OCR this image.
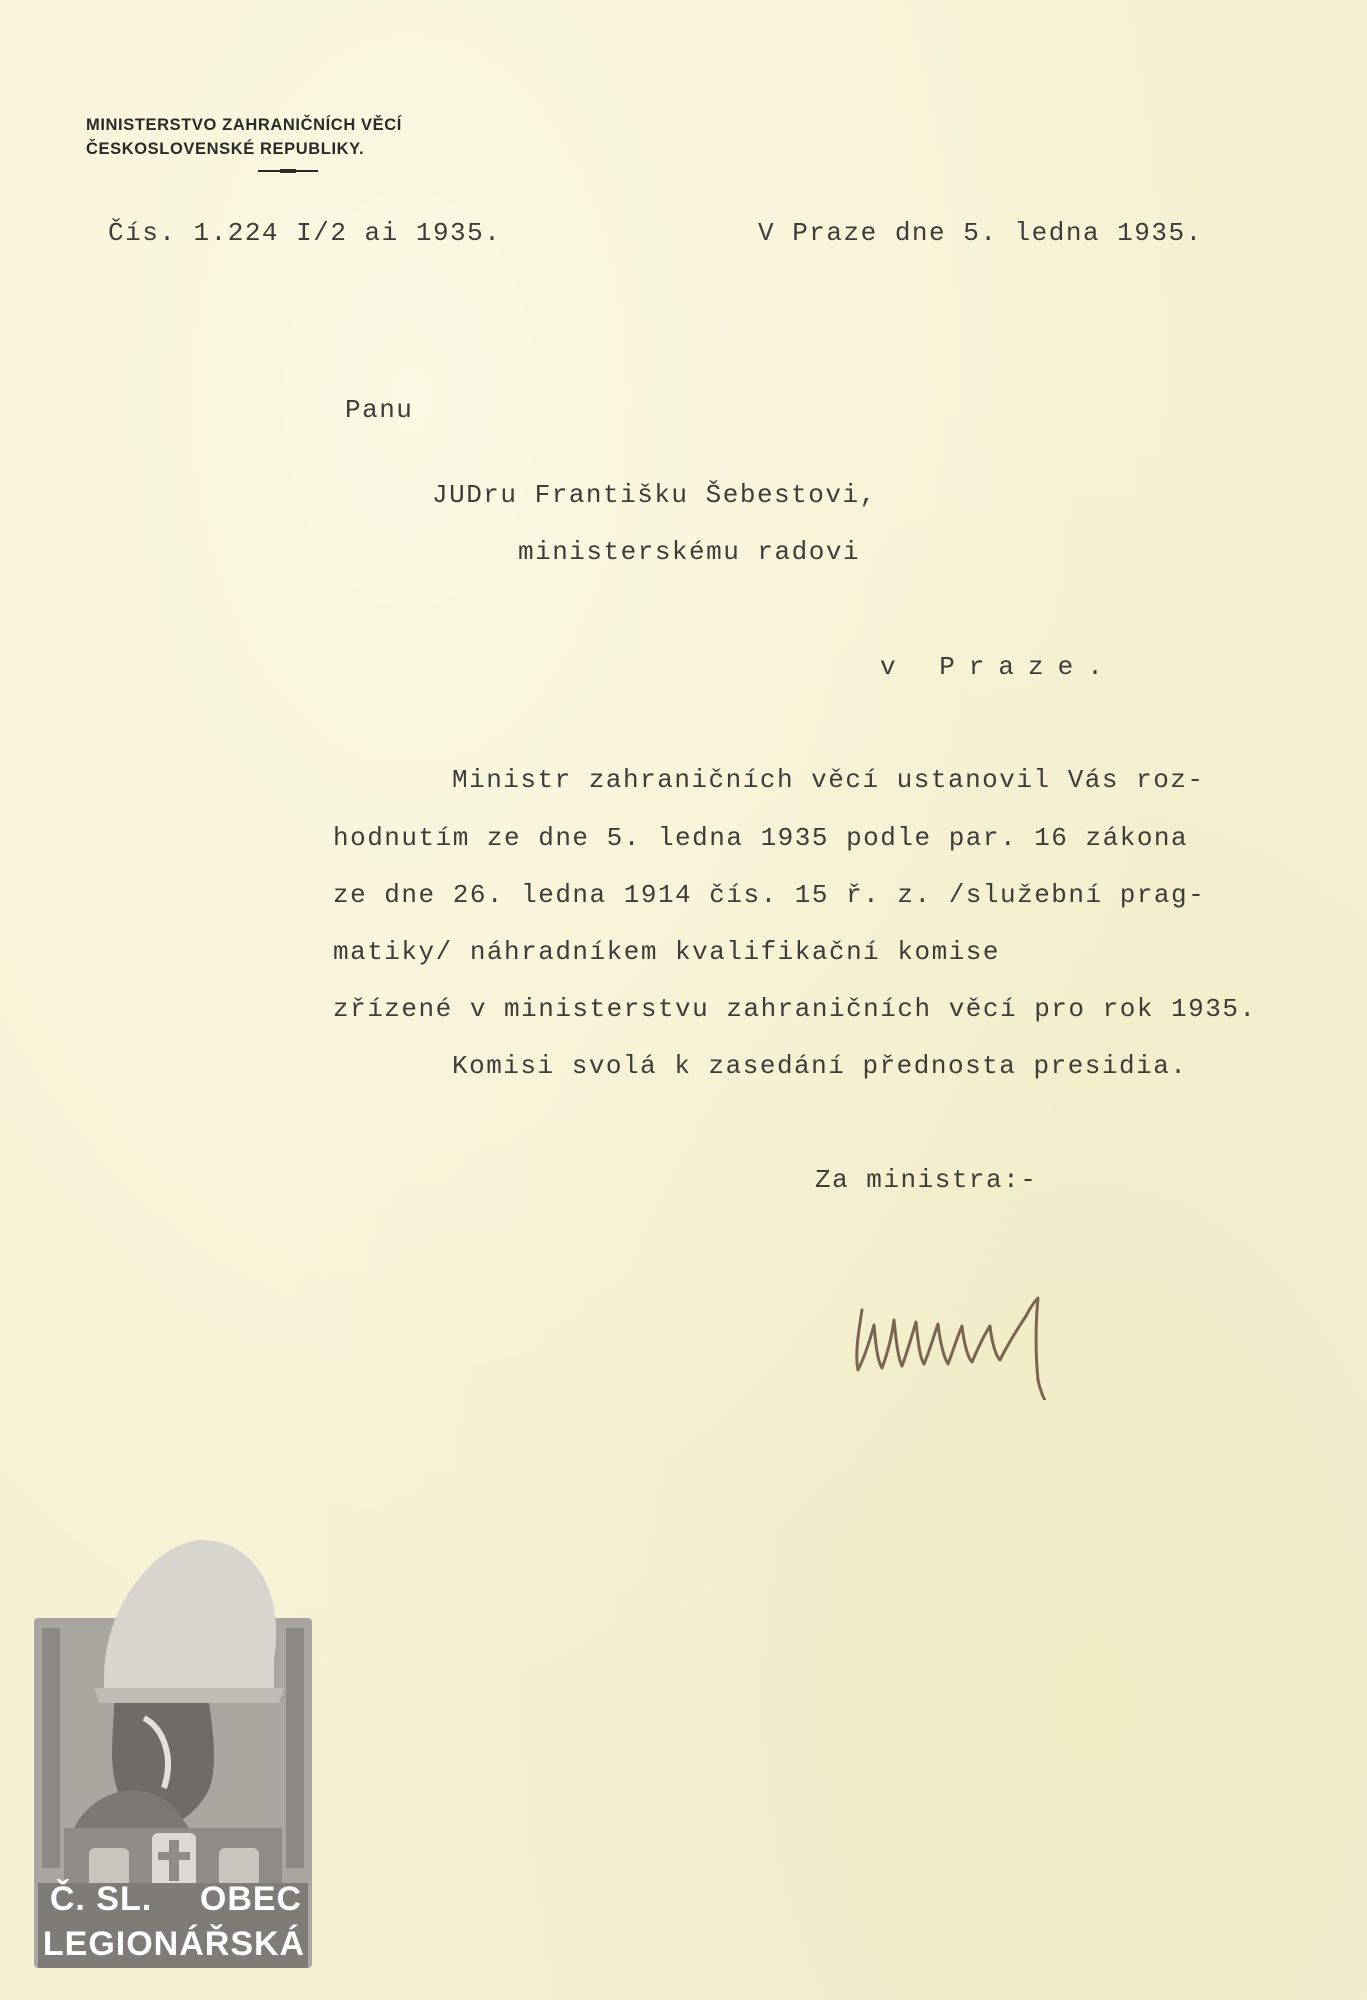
MINISTERSTVO ZAHRANIČNÍCH VĚCÍ
ČESKOSLOVENSKÉ REPUBLIKY.
Čís. 1.224 I/2 ai 1935.	V Praze dne 5. ledna 1935.
Panu
JUDru Františku Šebestovi,
ministerskému radovi
v Praze.
Ministr zahraničních věcí ustanovil Vás roz-
hodnutím ze dne 5. ledna 1935 podle par. 16 zákona
ze dne 26. ledna 1914 čís. 15 ř. z. /služební prag-
matiky/ náhradníkem kvalifikační komise
zřízené v ministerstvu zahraničních věcí pro rok 1935.
Komisi svolá k zasedání přednosta presidia.
Za ministra:-
Č. SL. OBEC
LEGIONÁŘSKÁ
